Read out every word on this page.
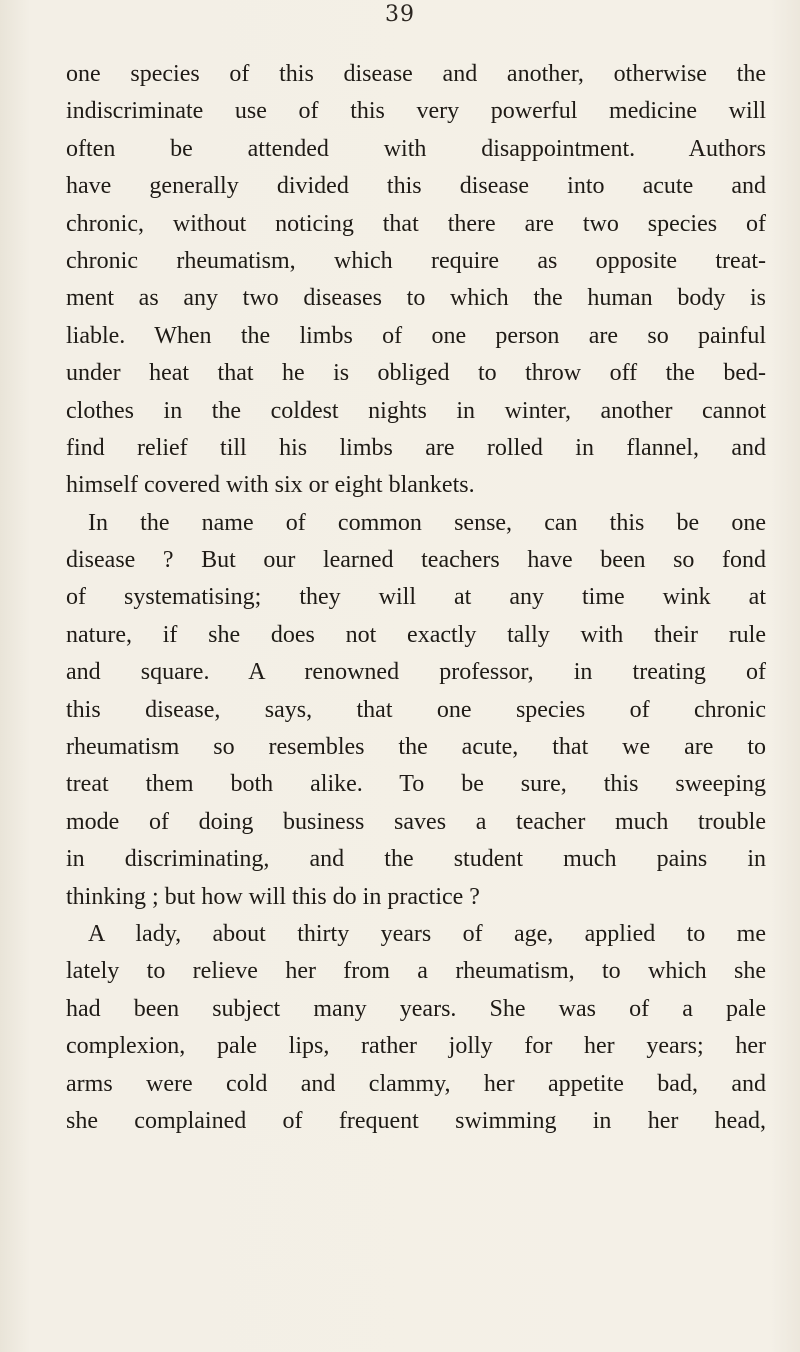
39
one species of this disease and another, otherwise the
indiscriminate use of this very powerful medicine will
often be attended with disappointment. Authors
have generally divided this disease into acute and
chronic, without noticing that there are two species of
chronic rheumatism, which require as opposite treat-
ment as any two diseases to which the human body is
liable. When the limbs of one person are so painful
under heat that he is obliged to throw off the bed-
clothes in the coldest nights in winter, another cannot
find relief till his limbs are rolled in flannel, and
himself covered with six or eight blankets.
In the name of common sense, can this be one
disease ? But our learned teachers have been so fond
of systematising; they will at any time wink at
nature, if she does not exactly tally with their rule
and square. A renowned professor, in treating of
this disease, says, that one species of chronic
rheumatism so resembles the acute, that we are to
treat them both alike. To be sure, this sweeping
mode of doing business saves a teacher much trouble
in discriminating, and the student much pains in
thinking ; but how will this do in practice ?
A lady, about thirty years of age, applied to me
lately to relieve her from a rheumatism, to which she
had been subject many years. She was of a pale
complexion, pale lips, rather jolly for her years; her
arms were cold and clammy, her appetite bad, and
she complained of frequent swimming in her head,
